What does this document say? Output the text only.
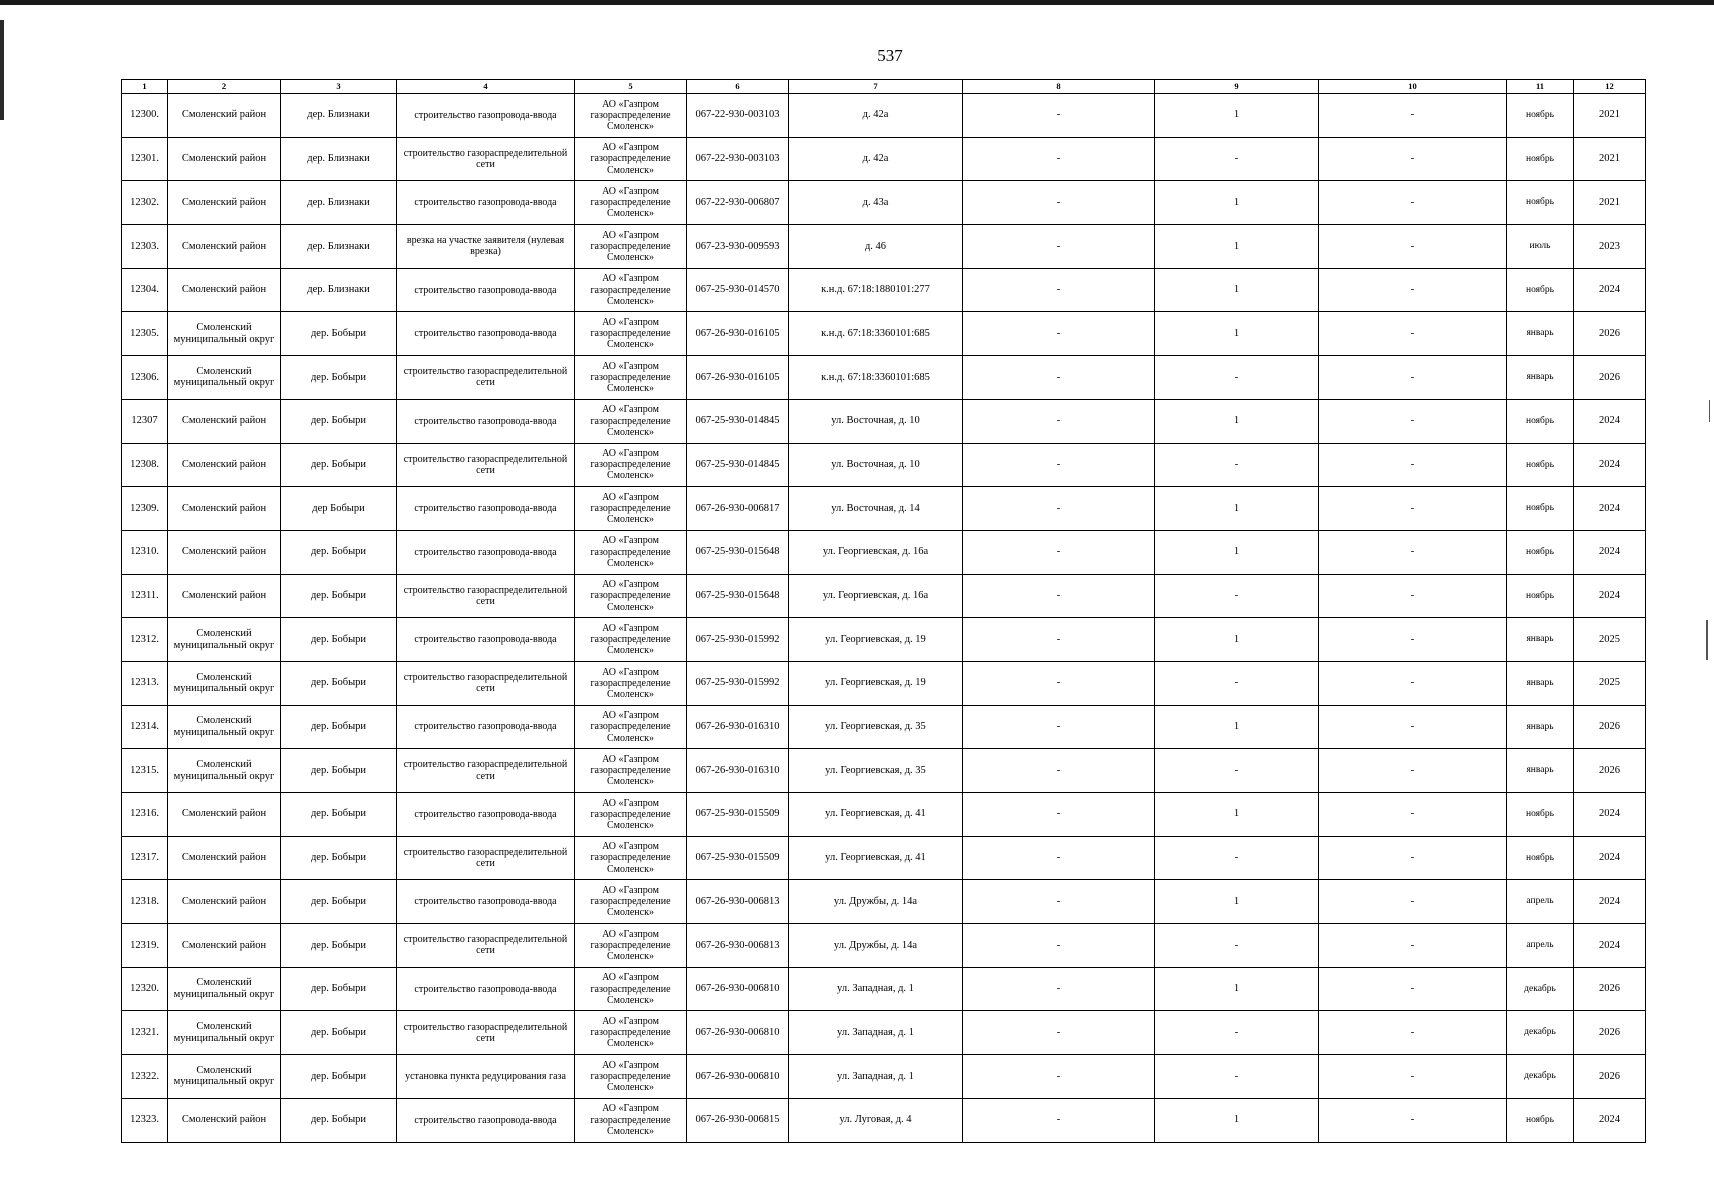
537
1	2	3	4	5	6	7	8	9	10	11	12
12300.	Смоленский район	дер. Близнаки	строительство газопровода-ввода	АО «Газпром газораспределение Смоленск»	067-22-930-003103	д. 42а	-	1	-	ноябрь	2021
12301.	Смоленский район	дер. Близнаки	строительство газораспределительной сети	АО «Газпром газораспределение Смоленск»	067-22-930-003103	д. 42а	-	-	-	ноябрь	2021
12302.	Смоленский район	дер. Близнаки	строительство газопровода-ввода	АО «Газпром газораспределение Смоленск»	067-22-930-006807	д. 43а	-	1	-	ноябрь	2021
12303.	Смоленский район	дер. Близнаки	врезка на участке заявителя (нулевая врезка)	АО «Газпром газораспределение Смоленск»	067-23-930-009593	д. 46	-	1	-	июль	2023
12304.	Смоленский район	дер. Близнаки	строительство газопровода-ввода	АО «Газпром газораспределение Смоленск»	067-25-930-014570	к.н.д. 67:18:1880101:277	-	1	-	ноябрь	2024
12305.	Смоленский муниципальный округ	дер. Бобыри	строительство газопровода-ввода	АО «Газпром газораспределение Смоленск»	067-26-930-016105	к.н.д. 67:18:3360101:685	-	1	-	январь	2026
12306.	Смоленский муниципальный округ	дер. Бобыри	строительство газораспределительной сети	АО «Газпром газораспределение Смоленск»	067-26-930-016105	к.н.д. 67:18:3360101:685	-	-	-	январь	2026
12307	Смоленский район	дер. Бобыри	строительство газопровода-ввода	АО «Газпром газораспределение Смоленск»	067-25-930-014845	ул. Восточная, д. 10	-	1	-	ноябрь	2024
12308.	Смоленский район	дер. Бобыри	строительство газораспределительной сети	АО «Газпром газораспределение Смоленск»	067-25-930-014845	ул. Восточная, д. 10	-	-	-	ноябрь	2024
12309.	Смоленский район	дер Бобыри	строительство газопровода-ввода	АО «Газпром газораспределение Смоленск»	067-26-930-006817	ул. Восточная, д. 14	-	1	-	ноябрь	2024
12310.	Смоленский район	дер. Бобыри	строительство газопровода-ввода	АО «Газпром газораспределение Смоленск»	067-25-930-015648	ул. Георгиевская, д. 16а	-	1	-	ноябрь	2024
12311.	Смоленский район	дер. Бобыри	строительство газораспределительной сети	АО «Газпром газораспределение Смоленск»	067-25-930-015648	ул. Георгиевская, д. 16а	-	-	-	ноябрь	2024
12312.	Смоленский муниципальный округ	дер. Бобыри	строительство газопровода-ввода	АО «Газпром газораспределение Смоленск»	067-25-930-015992	ул. Георгиевская, д. 19	-	1	-	январь	2025
12313.	Смоленский муниципальный округ	дер. Бобыри	строительство газораспределительной сети	АО «Газпром газораспределение Смоленск»	067-25-930-015992	ул. Георгиевская, д. 19	-	-	-	январь	2025
12314.	Смоленский муниципальный округ	дер. Бобыри	строительство газопровода-ввода	АО «Газпром газораспределение Смоленск»	067-26-930-016310	ул. Георгиевская, д. 35	-	1	-	январь	2026
12315.	Смоленский муниципальный округ	дер. Бобыри	строительство газораспределительной сети	АО «Газпром газораспределение Смоленск»	067-26-930-016310	ул. Георгиевская, д. 35	-	-	-	январь	2026
12316.	Смоленский район	дер. Бобыри	строительство газопровода-ввода	АО «Газпром газораспределение Смоленск»	067-25-930-015509	ул. Георгиевская, д. 41	-	1	-	ноябрь	2024
12317.	Смоленский район	дер. Бобыри	строительство газораспределительной сети	АО «Газпром газораспределение Смоленск»	067-25-930-015509	ул. Георгиевская, д. 41	-	-	-	ноябрь	2024
12318.	Смоленский район	дер. Бобыри	строительство газопровода-ввода	АО «Газпром газораспределение Смоленск»	067-26-930-006813	ул. Дружбы, д. 14а	-	1	-	апрель	2024
12319.	Смоленский район	дер. Бобыри	строительство газораспределительной сети	АО «Газпром газораспределение Смоленск»	067-26-930-006813	ул. Дружбы, д. 14а	-	-	-	апрель	2024
12320.	Смоленский муниципальный округ	дер. Бобыри	строительство газопровода-ввода	АО «Газпром газораспределение Смоленск»	067-26-930-006810	ул. Западная, д. 1	-	1	-	декабрь	2026
12321.	Смоленский муниципальный округ	дер. Бобыри	строительство газораспределительной сети	АО «Газпром газораспределение Смоленск»	067-26-930-006810	ул. Западная, д. 1	-	-	-	декабрь	2026
12322.	Смоленский муниципальный округ	дер. Бобыри	установка пункта редуцирования газа	АО «Газпром газораспределение Смоленск»	067-26-930-006810	ул. Западная, д. 1	-	-	-	декабрь	2026
12323.	Смоленский район	дер. Бобыри	строительство газопровода-ввода	АО «Газпром газораспределение Смоленск»	067-26-930-006815	ул. Луговая, д. 4	-	1	-	ноябрь	2024
